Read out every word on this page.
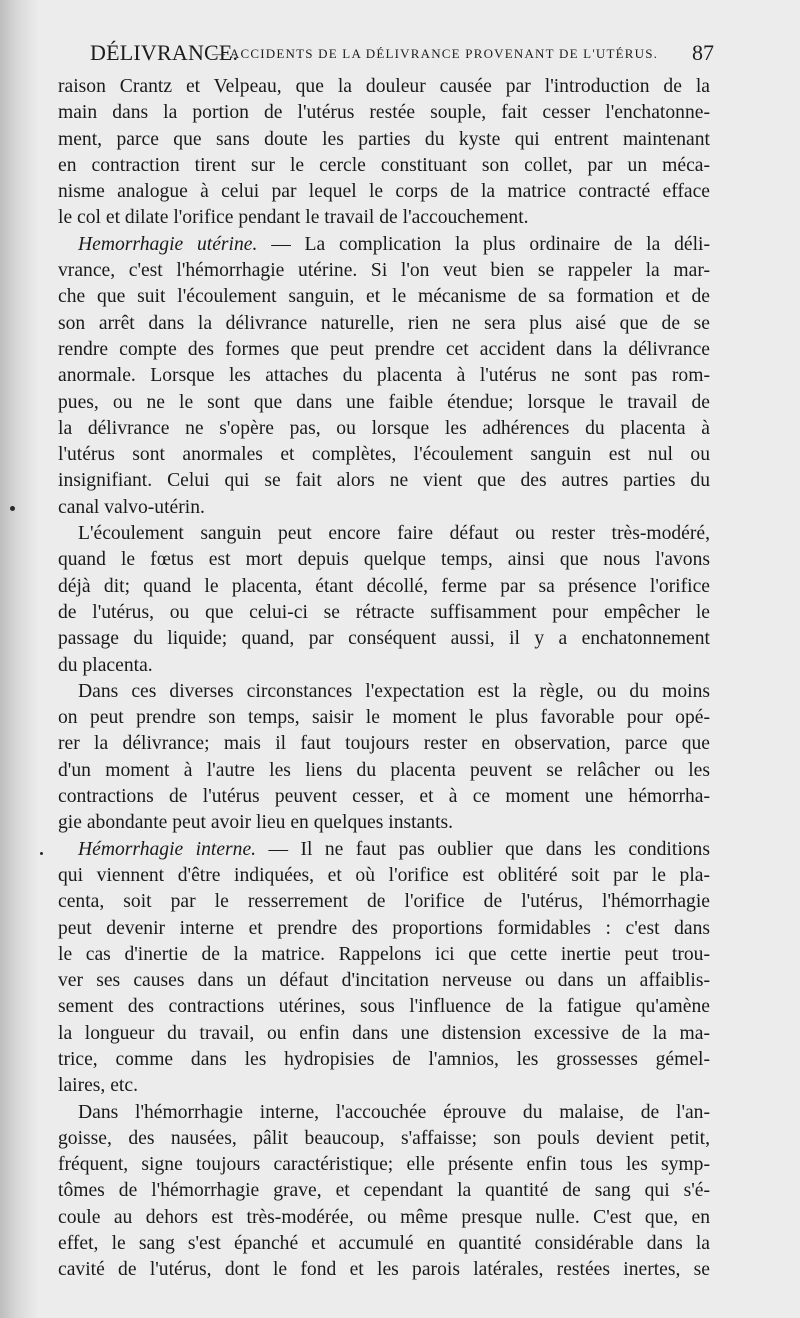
DÉLIVRANCE.
— ACCIDENTS DE LA DÉLIVRANCE PROVENANT DE L'UTÉRUS. 87
raison Crantz et Velpeau, que la douleur causée par l'introduction de la
main dans la portion de l'utérus restée souple, fait cesser l'enchatonne-
ment, parce que sans doute les parties du kyste qui entrent maintenant
en contraction tirent sur le cercle constituant son collet, par un méca-
nisme analogue à celui par lequel le corps de la matrice contracté efface
le col et dilate l'orifice pendant le travail de l'accouchement.
Hemorrhagie utérine. — La complication la plus ordinaire de la déli-
vrance, c'est l'hémorrhagie utérine. Si l'on veut bien se rappeler la mar-
che que suit l'écoulement sanguin, et le mécanisme de sa formation et de
son arrêt dans la délivrance naturelle, rien ne sera plus aisé que de se
rendre compte des formes que peut prendre cet accident dans la délivrance
anormale. Lorsque les attaches du placenta à l'utérus ne sont pas rom-
pues, ou ne le sont que dans une faible étendue; lorsque le travail de
la délivrance ne s'opère pas, ou lorsque les adhérences du placenta à
l'utérus sont anormales et complètes, l'écoulement sanguin est nul ou
insignifiant. Celui qui se fait alors ne vient que des autres parties du
canal valvo-utérin.
L'écoulement sanguin peut encore faire défaut ou rester très-modéré,
quand le fœtus est mort depuis quelque temps, ainsi que nous l'avons
déjà dit; quand le placenta, étant décollé, ferme par sa présence l'orifice
de l'utérus, ou que celui-ci se rétracte suffisamment pour empêcher le
passage du liquide; quand, par conséquent aussi, il y a enchatonnement
du placenta.
Dans ces diverses circonstances l'expectation est la règle, ou du moins
on peut prendre son temps, saisir le moment le plus favorable pour opé-
rer la délivrance; mais il faut toujours rester en observation, parce que
d'un moment à l'autre les liens du placenta peuvent se relâcher ou les
contractions de l'utérus peuvent cesser, et à ce moment une hémorrha-
gie abondante peut avoir lieu en quelques instants.
Hémorrhagie interne. — Il ne faut pas oublier que dans les conditions
qui viennent d'être indiquées, et où l'orifice est oblitéré soit par le pla-
centa, soit par le resserrement de l'orifice de l'utérus, l'hémorrhagie
peut devenir interne et prendre des proportions formidables : c'est dans
le cas d'inertie de la matrice. Rappelons ici que cette inertie peut trou-
ver ses causes dans un défaut d'incitation nerveuse ou dans un affaiblis-
sement des contractions utérines, sous l'influence de la fatigue qu'amène
la longueur du travail, ou enfin dans une distension excessive de la ma-
trice, comme dans les hydropisies de l'amnios, les grossesses gémel-
laires, etc.
Dans l'hémorrhagie interne, l'accouchée éprouve du malaise, de l'an-
goisse, des nausées, pâlit beaucoup, s'affaisse; son pouls devient petit,
fréquent, signe toujours caractéristique; elle présente enfin tous les symp-
tômes de l'hémorrhagie grave, et cependant la quantité de sang qui s'é-
coule au dehors est très-modérée, ou même presque nulle. C'est que, en
effet, le sang s'est épanché et accumulé en quantité considérable dans la
cavité de l'utérus, dont le fond et les parois latérales, restées inertes, se
